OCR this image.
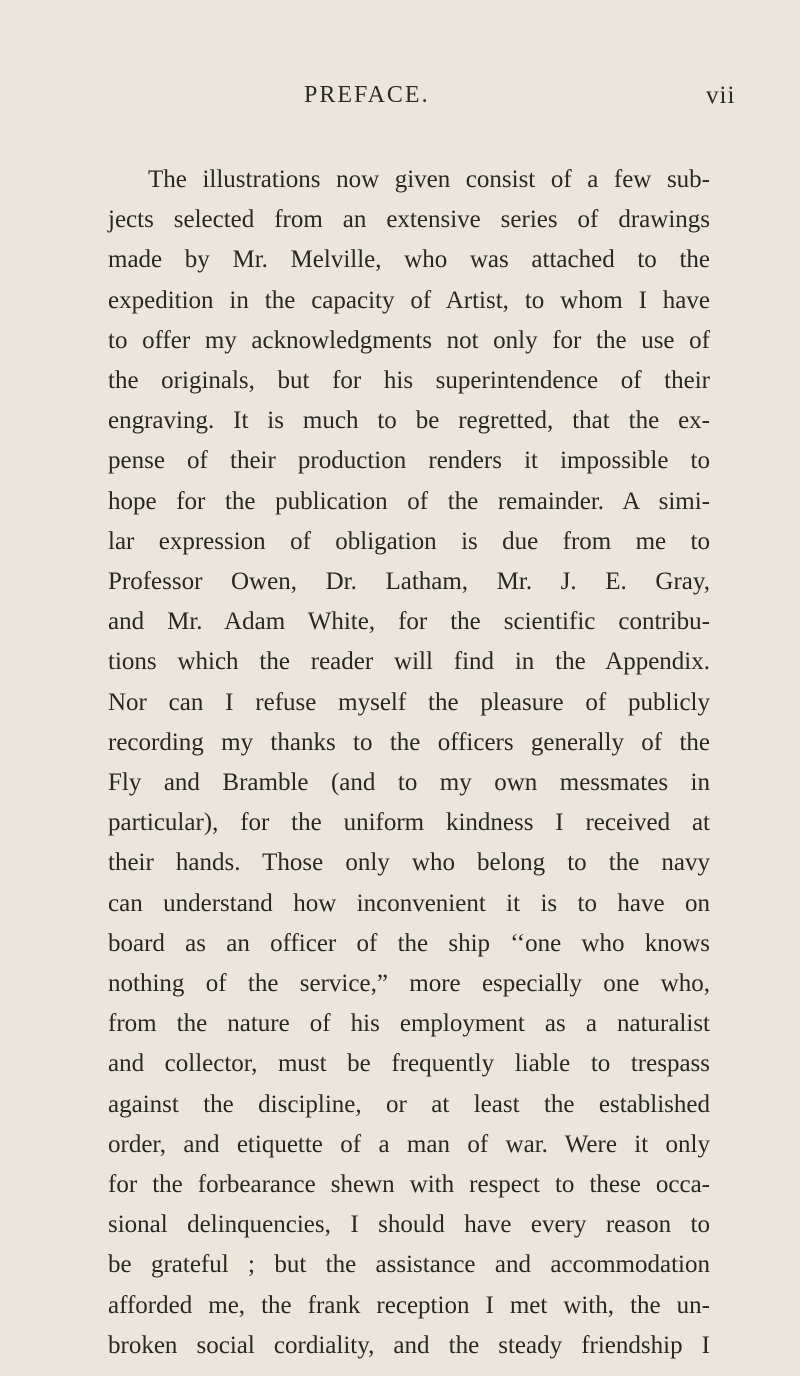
PREFACE.	vii
The illustrations now given consist of a few sub-
jects selected from an extensive series of drawings
made by Mr. Melville, who was attached to the
expedition in the capacity of Artist, to whom I have
to offer my acknowledgments not only for the use of
the originals, but for his superintendence of their
engraving. It is much to be regretted, that the ex-
pense of their production renders it impossible to
hope for the publication of the remainder. A simi-
lar expression of obligation is due from me to
Professor Owen, Dr. Latham, Mr. J. E. Gray,
and Mr. Adam White, for the scientific contribu-
tions which the reader will find in the Appendix.
Nor can I refuse myself the pleasure of publicly
recording my thanks to the officers generally of the
Fly and Bramble (and to my own messmates in
particular), for the uniform kindness I received at
their hands. Those only who belong to the navy
can understand how inconvenient it is to have on
board as an officer of the ship ‘‘one who knows
nothing of the service,” more especially one who,
from the nature of his employment as a naturalist
and collector, must be frequently liable to trespass
against the discipline, or at least the established
order, and etiquette of a man of war. Were it only
for the forbearance shewn with respect to these occa-
sional delinquencies, I should have every reason to
be grateful ; but the assistance and accommodation
afforded me, the frank reception I met with, the un-
broken social cordiality, and the steady friendship I
